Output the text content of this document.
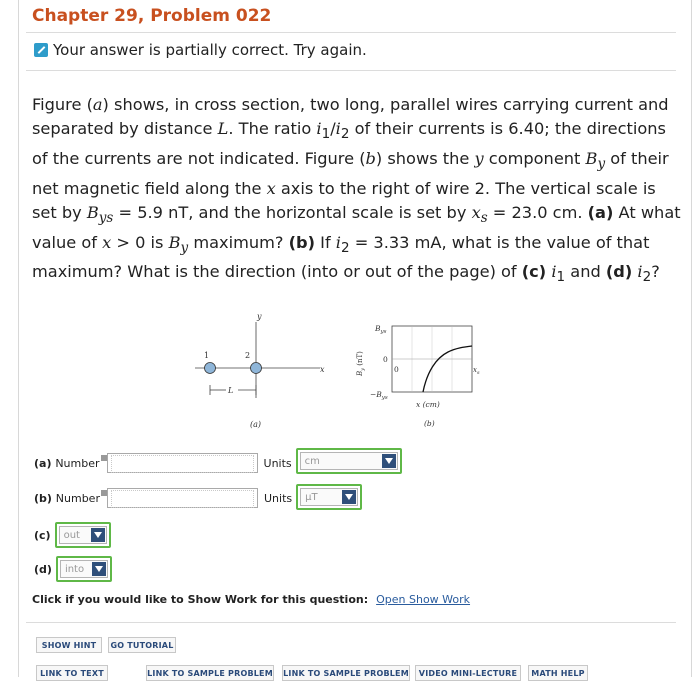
Chapter 29, Problem 022
Your answer is partially correct. Try again.
Figure (a) shows, in cross section, two long, parallel wires carrying current and separated by distance L. The ratio $i_1/i_2$ of their currents is 6.40; the directions of the currents are not indicated. Figure (b) shows the y component $B_y$ of their net magnetic field along the x axis to the right of wire 2. The vertical scale is set by $B_{ys} = 5.9$ nT, and the horizontal scale is set by $x_s = 23.0$ cm. (a) At what value of x > 0 is $B_y$ maximum? (b) If $i_2 = 3.33$ mA, what is the value of that maximum? What is the direction (into or out of the page) of (c) $i_1$ and (d) $i_2$?
y
x
1	2
L
(a)
$B_{ys}$
0
0
$-B_{ys}$
$B_y$ (nT)
$x_s$
x (cm)
(b)
(a) Number	Units	cm
(b) Number	Units	μT
(c)	out
(d)	into
Click if you would like to Show Work for this question: Open Show Work
SHOW HINT	GO TUTORIAL
LINK TO TEXT	LINK TO SAMPLE PROBLEM LINK TO SAMPLE PROBLEM	VIDEO MINI-LECTURE	MATH HELP
